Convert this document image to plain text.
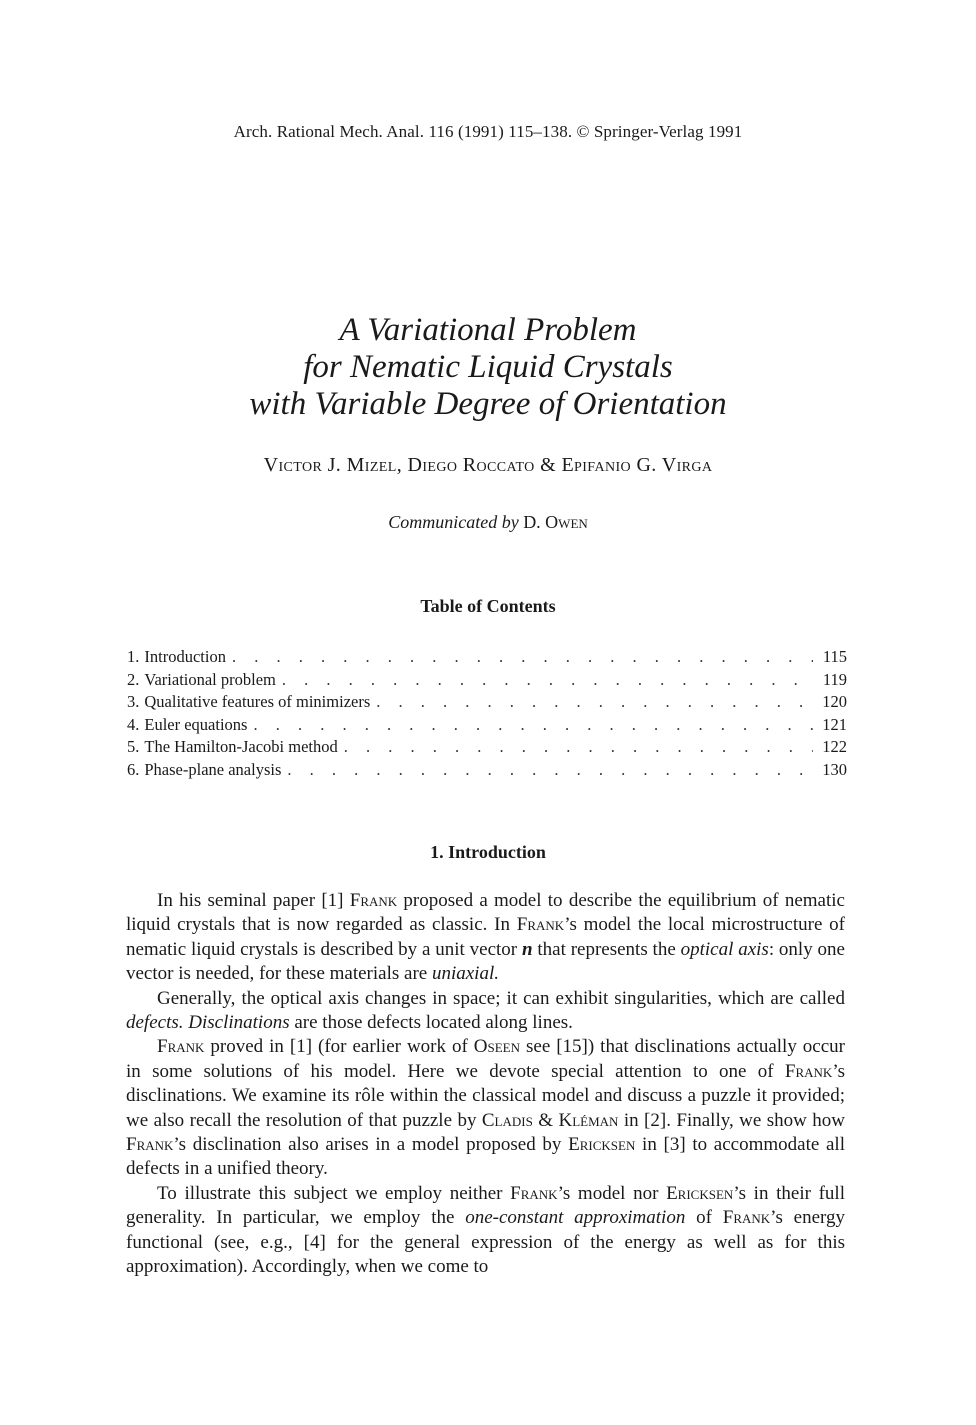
Arch. Rational Mech. Anal. 116 (1991) 115–138. © Springer-Verlag 1991
A Variational Problem
for Nematic Liquid Crystals
with Variable Degree of Orientation
Victor J. Mizel, Diego Roccato & Epifanio G. Virga
Communicated by D. Owen
Table of Contents
1. Introduction . . .	115
2. Variational problem . . .	119
3. Qualitative features of minimizers . . .	120
4. Euler equations . . .	121
5. The Hamilton-Jacobi method . . .	122
6. Phase-plane analysis . . .	130
1. Introduction

In his seminal paper [1] Frank proposed a model to describe the equilibrium of nematic liquid crystals that is now regarded as classic. In Frank’s model the local microstructure of nematic liquid crystals is described by a unit vector n that represents the optical axis: only one vector is needed, for these materials are uniaxial.

Generally, the optical axis changes in space; it can exhibit singularities, which are called defects. Disclinations are those defects located along lines.

Frank proved in [1] (for earlier work of Oseen see [15]) that disclinations actually occur in some solutions of his model. Here we devote special attention to one of Frank’s disclinations. We examine its rôle within the classical model and discuss a puzzle it provided; we also recall the resolution of that puzzle by Cladis & Kléman in [2]. Finally, we show how Frank’s disclination also arises in a model proposed by Ericksen in [3] to accommodate all defects in a unified theory.

To illustrate this subject we employ neither Frank’s model nor Ericksen’s in their full generality. In particular, we employ the one-constant approximation of Frank’s energy functional (see, e.g., [4] for the general expression of the energy as well as for this approximation). Accordingly, when we come to
